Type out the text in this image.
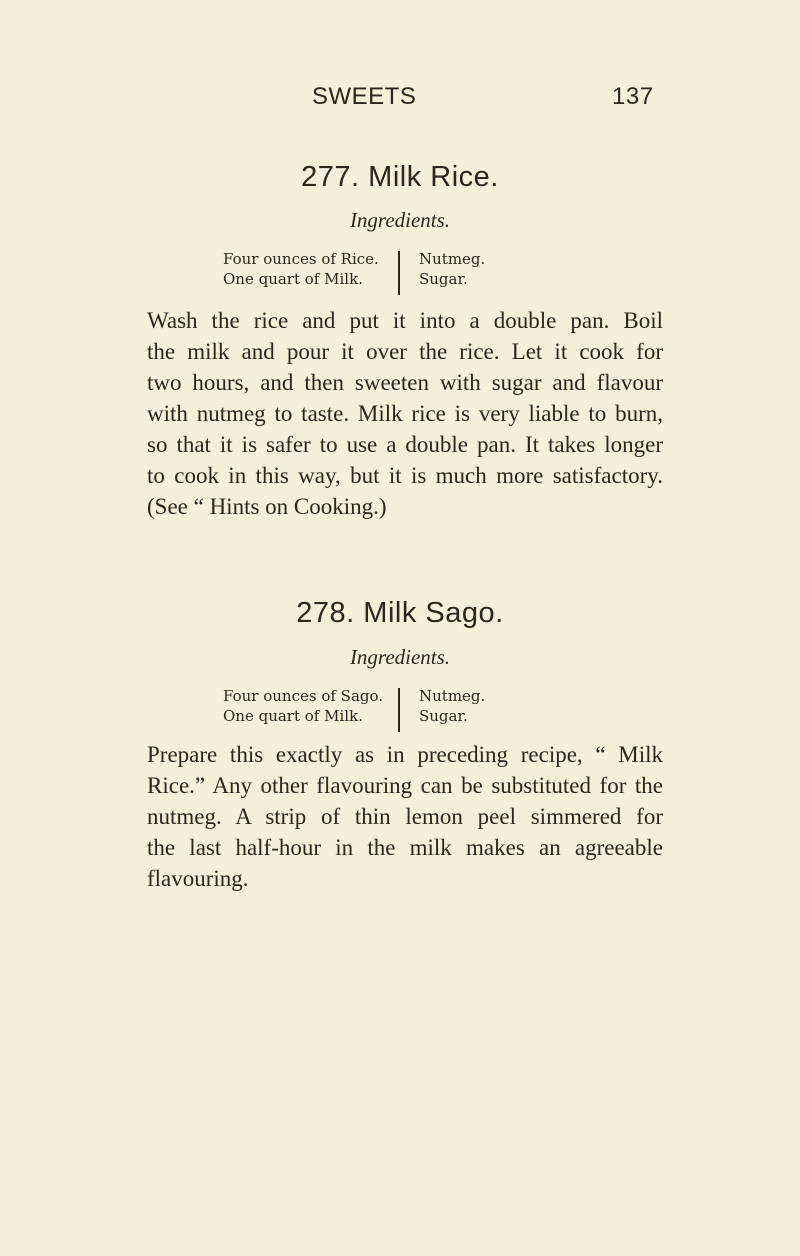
SWEETS	137
277. Milk Rice.
Ingredients.
Four ounces of Rice.
One quart of Milk.
Nutmeg.
Sugar.
Wash the rice and put it into a double pan. Boil
the milk and pour it over the rice. Let it cook for
two hours, and then sweeten with sugar and flavour
with nutmeg to taste. Milk rice is very liable to burn,
so that it is safer to use a double pan. It takes longer
to cook in this way, but it is much more satisfactory.
(See “ Hints on Cooking.)
278. Milk Sago.
Ingredients.
Four ounces of Sago.
One quart of Milk.
Nutmeg.
Sugar.
Prepare this exactly as in preceding recipe, “ Milk
Rice.” Any other flavouring can be substituted for the
nutmeg. A strip of thin lemon peel simmered for
the last half-hour in the milk makes an agreeable
flavouring.
